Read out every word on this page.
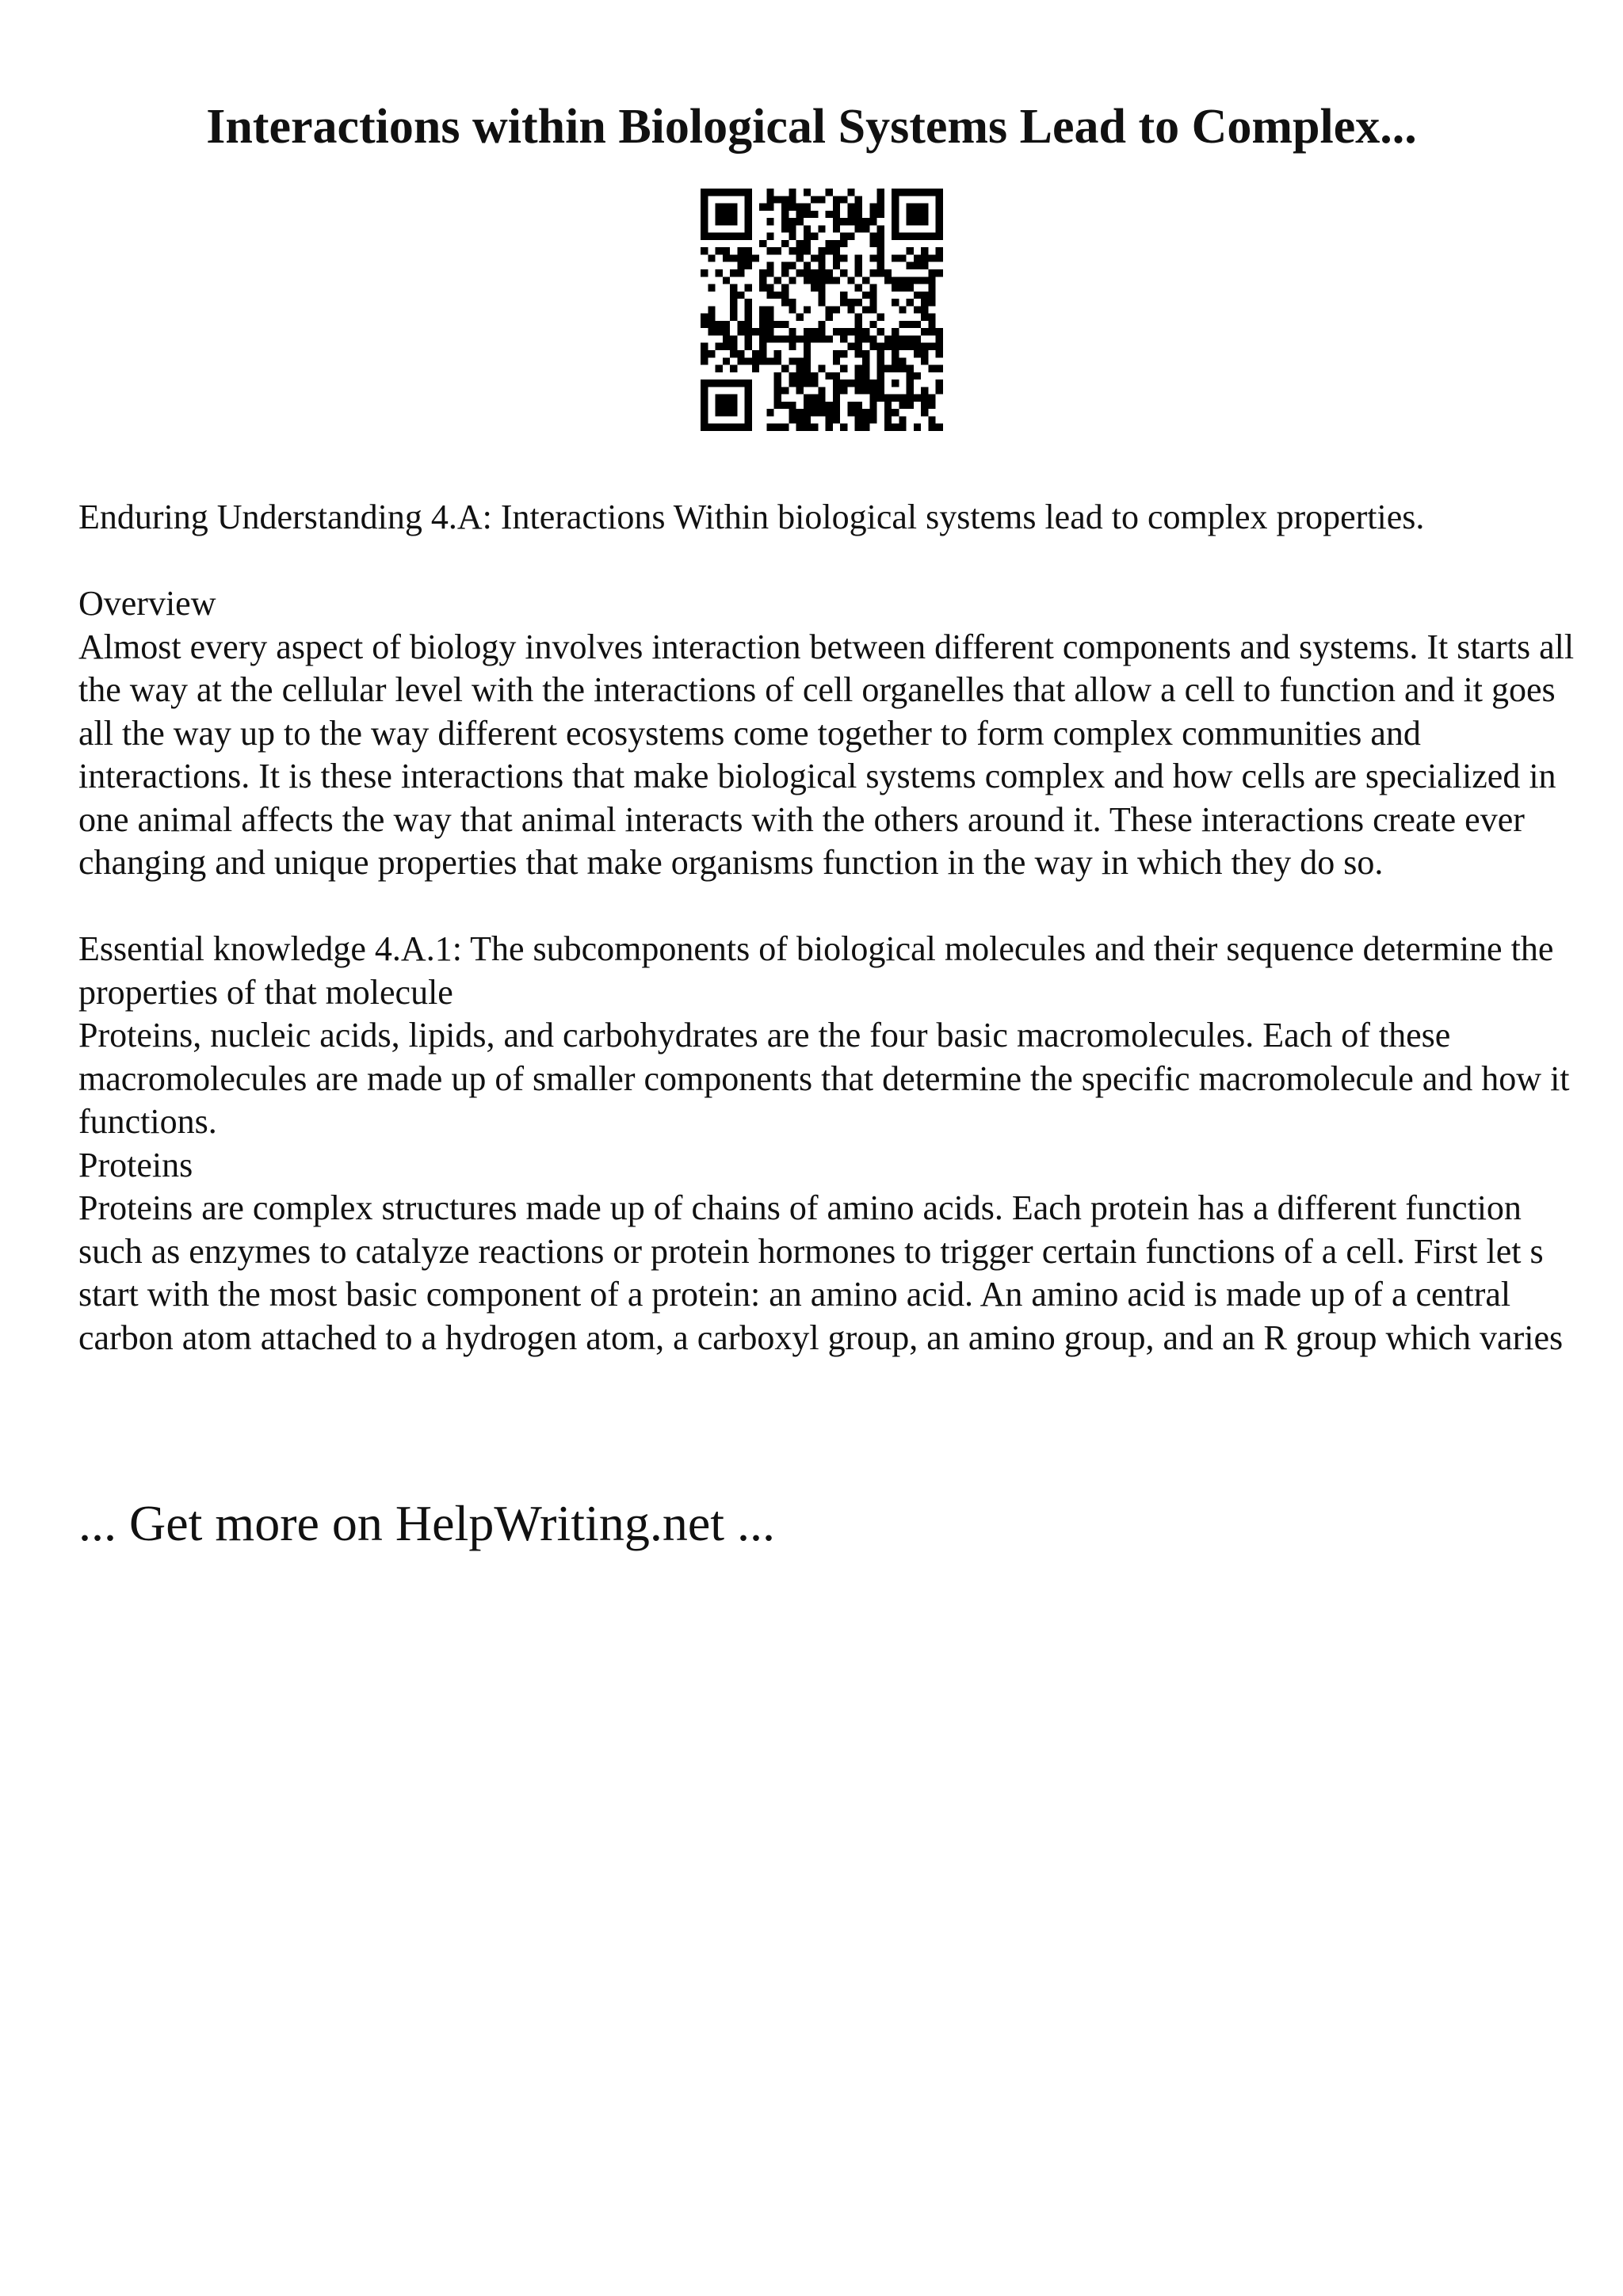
Interactions within Biological Systems Lead to Complex...

Enduring Understanding 4.A: Interactions Within biological systems lead to complex properties.

Overview

Almost every aspect of biology involves interaction between different components and systems. It starts all the way at the cellular level with the interactions of cell organelles that allow a cell to function and it goes all the way up to the way different ecosystems come together to form complex communities and interactions. It is these interactions that make biological systems complex and how cells are specialized in one animal affects the way that animal interacts with the others around it. These interactions create ever changing and unique properties that make organisms function in the way in which they do so.

Essential knowledge 4.A.1: The subcomponents of biological molecules and their sequence determine the properties of that molecule

Proteins, nucleic acids, lipids, and carbohydrates are the four basic macromolecules. Each of these macromolecules are made up of smaller components that determine the specific macromolecule and how it functions.

Proteins

Proteins are complex structures made up of chains of amino acids. Each protein has a different function such as enzymes to catalyze reactions or protein hormones to trigger certain functions of a cell. First let s start with the most basic component of a protein: an amino acid. An amino acid is made up of a central carbon atom attached to a hydrogen atom, a carboxyl group, an amino group, and an R group which varies

... Get more on HelpWriting.net ...
